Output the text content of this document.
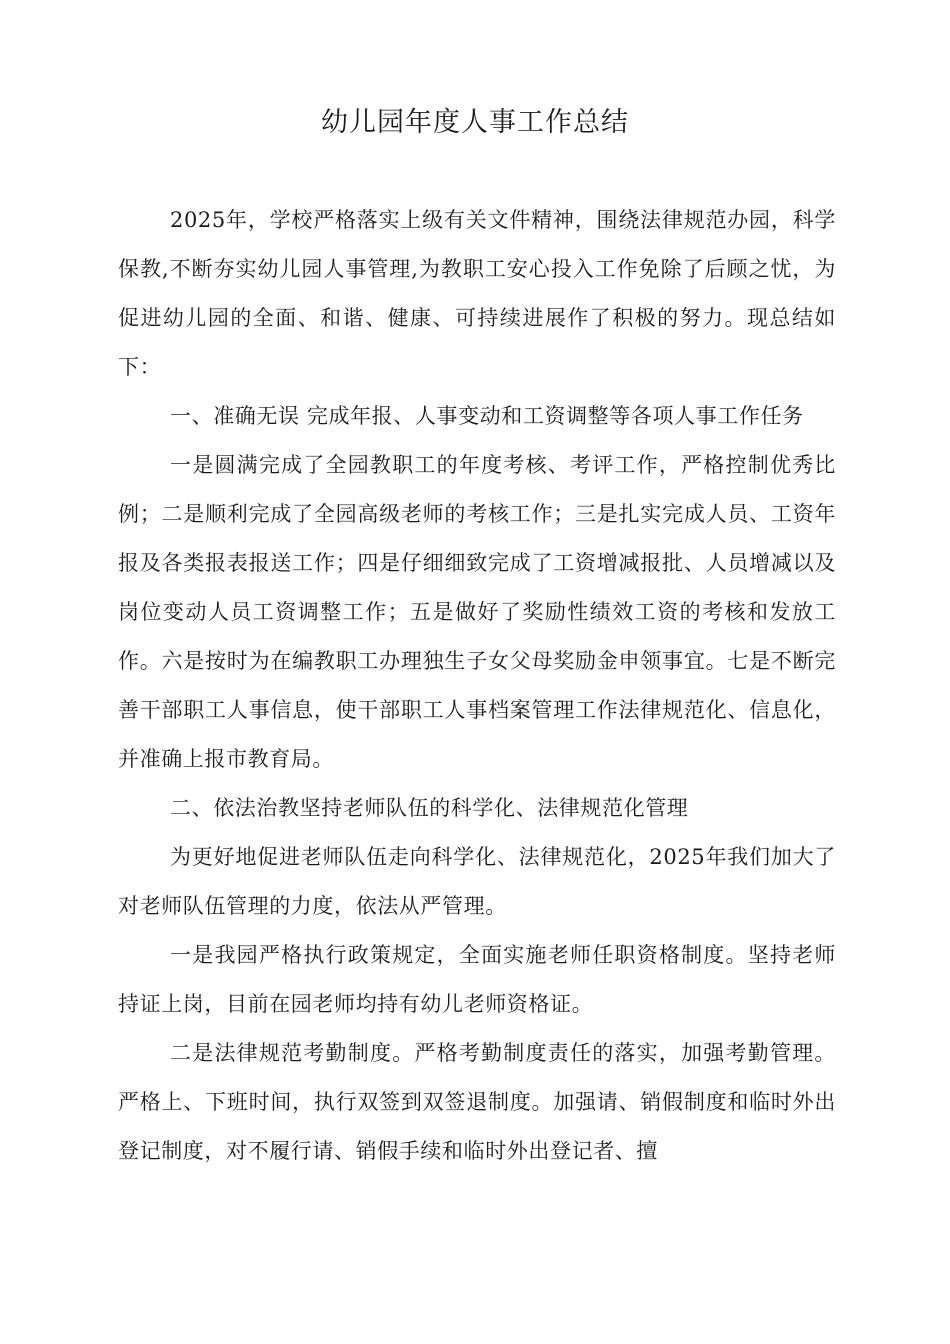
幼儿园年度人事工作总结

2025年，学校严格落实上级有关文件精神，围绕法律规范办园，科学保教,不断夯实幼儿园人事管理,为教职工安心投入工作免除了后顾之忧，为促进幼儿园的全面、和谐、健康、可持续进展作了积极的努力。现总结如下：

一、准确无误 完成年报、人事变动和工资调整等各项人事工作任务

一是圆满完成了全园教职工的年度考核、考评工作，严格控制优秀比例；二是顺利完成了全园高级老师的考核工作；三是扎实完成人员、工资年报及各类报表报送工作；四是仔细细致完成了工资增减报批、人员增减以及岗位变动人员工资调整工作；五是做好了奖励性绩效工资的考核和发放工作。六是按时为在编教职工办理独生子女父母奖励金申领事宜。七是不断完善干部职工人事信息，使干部职工人事档案管理工作法律规范化、信息化，并准确上报市教育局。

二、依法治教坚持老师队伍的科学化、法律规范化管理

为更好地促进老师队伍走向科学化、法律规范化，2025年我们加大了对老师队伍管理的力度，依法从严管理。

一是我园严格执行政策规定，全面实施老师任职资格制度。坚持老师持证上岗，目前在园老师均持有幼儿老师资格证。

二是法律规范考勤制度。严格考勤制度责任的落实，加强考勤管理。严格上、下班时间，执行双签到双签退制度。加强请、销假制度和临时外出登记制度，对不履行请、销假手续和临时外出登记者、擅
